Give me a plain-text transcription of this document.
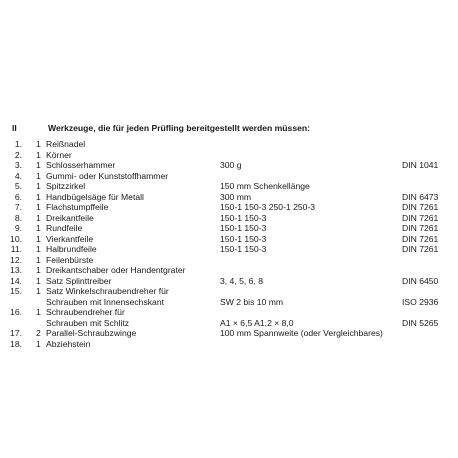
II	Werkzeuge, die für jeden Prüfling bereitgestellt werden müssen:
1. 1 Reißnadel
2. 1 Körner
3. 1 Schlosserhammer	300 g	DIN 1041
4. 1 Gummi- oder Kunststoffhammer
5. 1 Spitzzirkel	150 mm Schenkellänge
6. 1 Handbügelsäge für Metall	300 mm	DIN 6473
7. 1 Flachstumpffeile	150-1 150-3 250-1 250-3	DIN 7261
8. 1 Dreikantfeile	150-1 150-3	DIN 7261
9. 1 Rundfeile	150-1 150-3	DIN 7261
10. 1 Vierkantfeile	150-1 150-3	DIN 7261
11. 1 Halbrundfeile	150-1 150-3	DIN 7261
12. 1 Feilenbürste
13. 1 Dreikantschaber oder Handentgrater
14. 1 Satz Splinttreiber	3, 4, 5, 6, 8	DIN 6450
15. 1 Satz Winkelschraubendreher für
Schrauben mit Innensechskant	SW 2 bis 10 mm	ISO 2936
16. 1 Schraubendreher für
Schrauben mit Schlitz	A1 × 6,5 A1,2 × 8,0	DIN 5265
17. 2 Parallel-Schraubzwinge	100 mm Spannweite (oder Vergleichbares)
18. 1 Abziehstein
